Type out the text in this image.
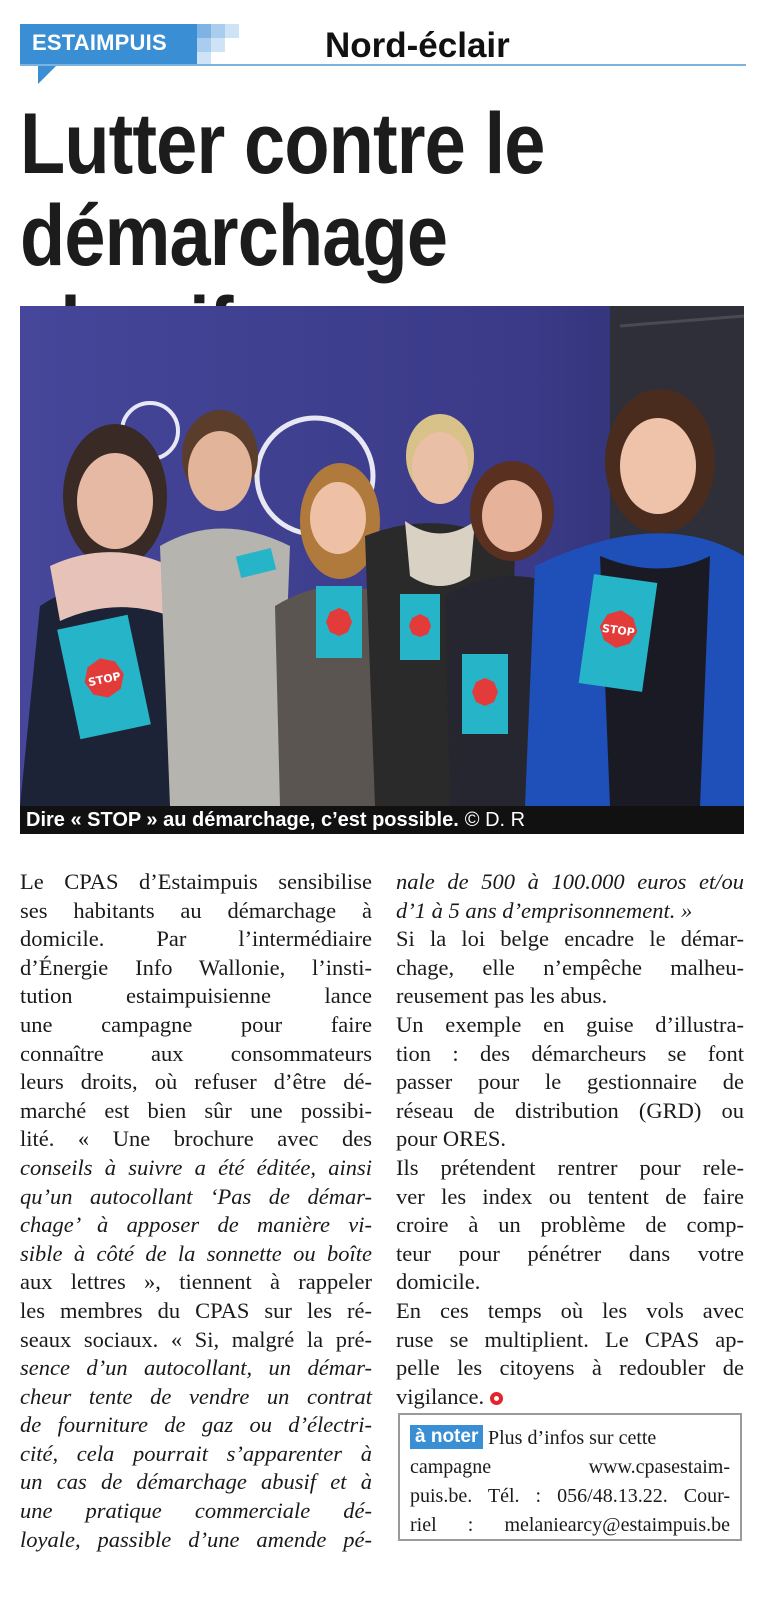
ESTAIMPUIS	Nord-éclair
Lutter contre le
démarchage
STOP
STOP
Dire « STOP » au démarchage, c’est possible. © D. R
Le CPAS d’Estaimpuis sensibilise
ses habitants au démarchage à
domicile. Par l’intermédiaire
d’Énergie Info Wallonie, l’insti-
tution estaimpuisienne lance
une campagne pour faire
connaître aux consommateurs
leurs droits, où refuser d’être dé-
marché est bien sûr une possibi-
lité. « Une brochure avec des
conseils à suivre a été éditée, ainsi
qu’un autocollant ‘Pas de démar-
chage’ à apposer de manière vi-
sible à côté de la sonnette ou boîte
aux lettres », tiennent à rappeler
les membres du CPAS sur les ré-
seaux sociaux. « Si, malgré la pré-
sence d’un autocollant, un démar-
cheur tente de vendre un contrat
de fourniture de gaz ou d’électri-
cité, cela pourrait s’apparenter à
un cas de démarchage abusif et à
une pratique commerciale dé-
loyale, passible d’une amende pé-
nale de 500 à 100.000 euros et/ou
d’1 à 5 ans d’emprisonnement. »
Si la loi belge encadre le démar-
chage, elle n’empêche malheu-
reusement pas les abus.
Un exemple en guise d’illustra-
tion : des démarcheurs se font
passer pour le gestionnaire de
réseau de distribution (GRD) ou
pour ORES.
Ils prétendent rentrer pour rele-
ver les index ou tentent de faire
croire à un problème de comp-
teur pour pénétrer dans votre
domicile.
En ces temps où les vols avec
ruse se multiplient. Le CPAS ap-
pelle les citoyens à redoubler de
vigilance.
Plus d’infos sur cette
campagne www.cpasestaim-
puis.be. Tél. : 056/48.13.22. Cour-
riel : melaniearcy@estaimpuis.be
à noter
